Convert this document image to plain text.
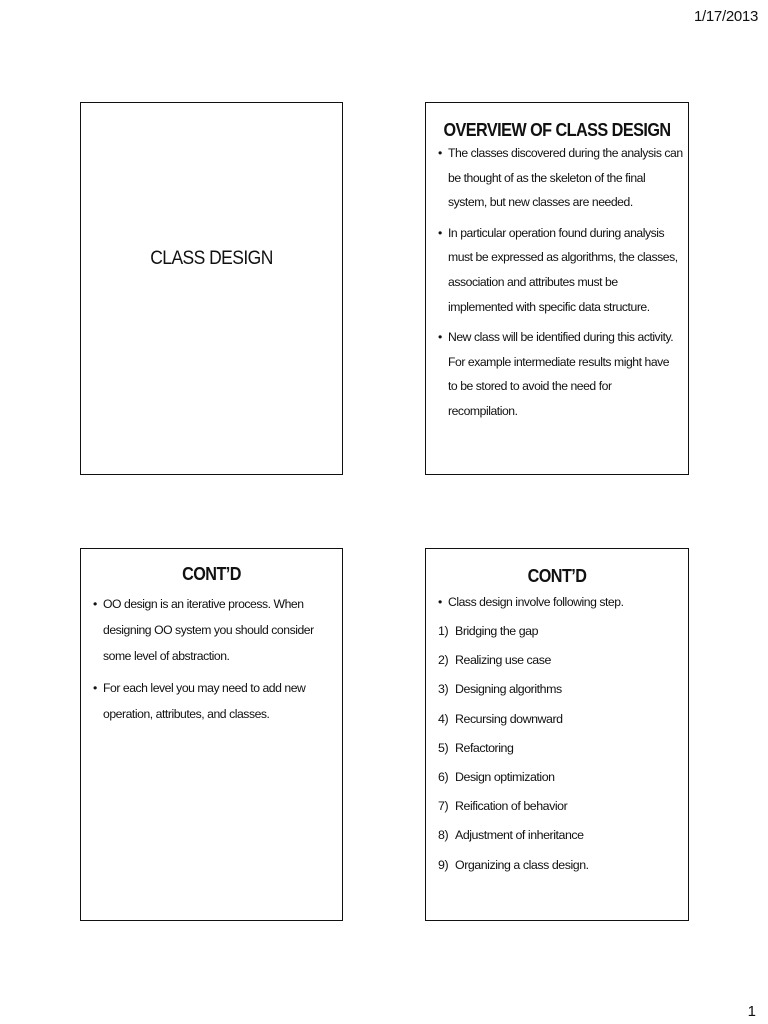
1/17/2013
CLASS DESIGN
OVERVIEW OF CLASS DESIGN
• The classes discovered during the analysis can
be thought of as the skeleton of the final
system, but new classes are needed.
• In particular operation found during analysis
must be expressed as algorithms, the classes,
association and attributes must be
implemented with specific data structure.
• New class will be identified during this activity.
For example intermediate results might have
to be stored to avoid the need for
recompilation.
CONT’D
• OO design is an iterative process. When
designing OO system you should consider
some level of abstraction.
• For each level you may need to add new
operation, attributes, and classes.
CONT’D
• Class design involve following step.
1) Bridging the gap
2) Realizing use case
3) Designing algorithms
4) Recursing downward
5) Refactoring
6) Design optimization
7) Reification of behavior
8) Adjustment of inheritance
9) Organizing a class design.
1
